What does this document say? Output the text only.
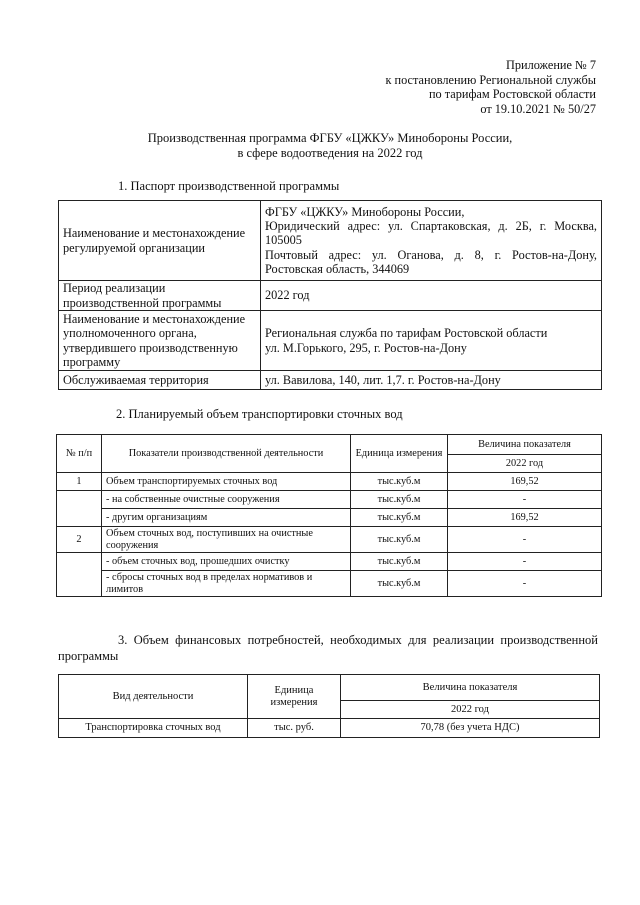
Приложение № 7
к постановлению Региональной службы
по тарифам Ростовской области
от 19.10.2021 № 50/27
Производственная программа ФГБУ «ЦЖКУ» Минобороны России,
в сфере водоотведения на 2022 год
1. Паспорт производственной программы
Наименование и местонахождение регулируемой организации	ФГБУ «ЦЖКУ» Минобороны России,
Юридический адрес: ул. Спартаковская, д. 2Б, г. Москва, 105005
Почтовый адрес: ул. Оганова, д. 8, г. Ростов-на-Дону, Ростовская область, 344069

Период реализации производственной программы	2022 год
Наименование и местонахождение уполномоченного органа, утвердившего производственную программу	Региональная служба по тарифам Ростовской области
ул. М.Горького, 295, г. Ростов-на-Дону

Обслуживаемая территория	ул. Вавилова, 140, лит. 1,7. г. Ростов-на-Дону
2. Планируемый объем транспортировки сточных вод
№ п/п	Показатели производственной деятельности	Единица измерения	Величина показателя
			2022 год
1	Объем транспортируемых сточных вод	тыс.куб.м	169,52
	- на собственные очистные сооружения	тыс.куб.м	-
	- другим организациям	тыс.куб.м	169,52
2	Объем сточных вод, поступивших на очистные сооружения	тыс.куб.м	-
	- объем сточных вод, прошедших очистку	тыс.куб.м	-
	- сбросы сточных вод в пределах нормативов и лимитов	тыс.куб.м	-
3. Объем финансовых потребностей, необходимых для реализации производственной программы
Вид деятельности	Единица измерения	Величина показателя
		2022 год
Транспортировка сточных вод	тыс. руб.	70,78 (без учета НДС)
